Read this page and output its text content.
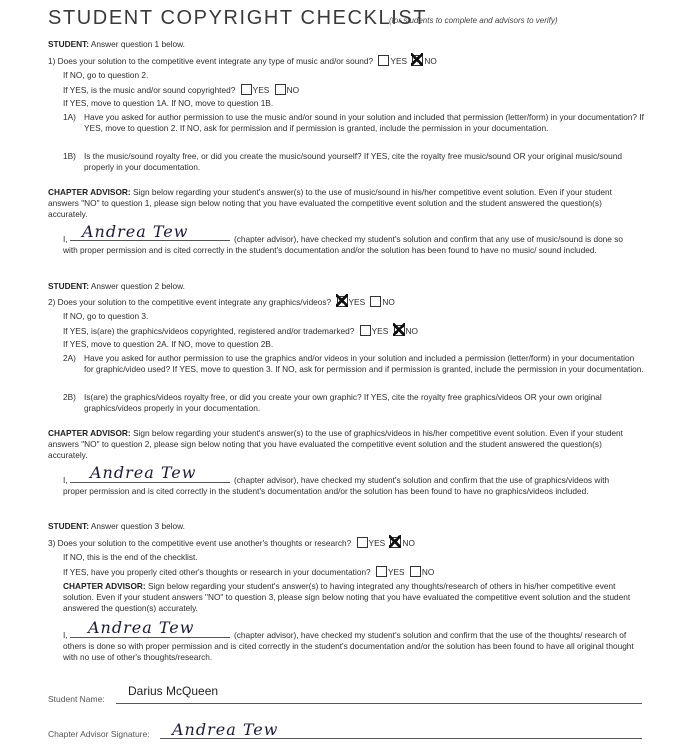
STUDENT COPYRIGHT CHECKLIST
(for students to complete and advisors to verify)
STUDENT: Answer question 1 below.
1) Does your solution to the competitive event integrate any type of music and/or sound? YES NO
If NO, go to question 2.
If YES, is the music and/or sound copyrighted? YES NO
If YES, move to question 1A. If NO, move to question 1B.
1A) Have you asked for author permission to use the music and/or sound in your solution and included that permission (letter/form) in your documentation? If YES, move to question 2. If NO, ask for permission and if permission is granted, include the permission in your documentation.
1B) Is the music/sound royalty free, or did you create the music/sound yourself? If YES, cite the royalty free music/sound OR your original music/sound properly in your documentation.
CHAPTER ADVISOR: Sign below regarding your student's answer(s) to the use of music/sound in his/her competitive event solution. Even if your student answers "NO" to question 1, please sign below noting that you have evaluated the competitive event solution and the student answered the question(s) accurately.
I, Andrea Tew	(chapter advisor), have checked my student's solution and confirm that any use of music/sound is done so with proper permission and is cited correctly in the student's documentation and/or the solution has been found to have no music/ sound included.
STUDENT: Answer question 2 below.
2) Does your solution to the competitive event integrate any graphics/videos? YES NO
If NO, go to question 3.
If YES, is(are) the graphics/videos copyrighted, registered and/or trademarked? YES NO
If YES, move to question 2A. If NO, move to question 2B.
2A) Have you asked for author permission to use the graphics and/or videos in your solution and included a permission (letter/form) in your documentation for graphic/video used? If YES, move to question 3. If NO, ask for permission and if permission is granted, include the permission in your documentation.
2B) Is(are) the graphics/videos royalty free, or did you create your own graphic? If YES, cite the royalty free graphics/videos OR your own original graphics/videos properly in your documentation.
CHAPTER ADVISOR: Sign below regarding your student's answer(s) to the use of graphics/videos in his/her competitive event solution. Even if your student answers "NO" to question 2, please sign below noting that you have evaluated the competitive event solution and the student answered the question(s) accurately.
I, Andrea Tew	(chapter advisor), have checked my student's solution and confirm that the use of graphics/videos with proper permission and is cited correctly in the student's documentation and/or the solution has been found to have no graphics/videos included.
STUDENT: Answer question 3 below.
3) Does your solution to the competitive event use another's thoughts or research? YES NO
If NO, this is the end of the checklist.
If YES, have you properly cited other's thoughts or research in your documentation? YES NO
CHAPTER ADVISOR: Sign below regarding your student's answer(s) to having integrated any thoughts/research of others in his/her competitive event solution. Even if your student answers "NO" to question 3, please sign below noting that you have evaluated the competitive event solution and the student answered the question(s) accurately.
I, Andrea Tew	(chapter advisor), have checked my student's solution and confirm that the use of the thoughts/ research of others is done so with proper permission and is cited correctly in the student's documentation and/or the solution has been found to have all original thought with no use of other's thoughts/research.
Student Name:
Darius McQueen
Chapter Advisor Signature: Andrea Tew
